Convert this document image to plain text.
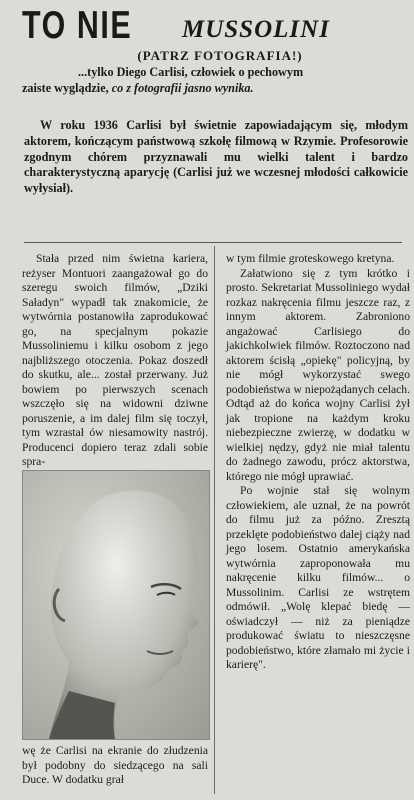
TO NIE MUSSOLINI
(PATRZ FOTOGRAFIA!)
...tylko Diego Carlisi, człowiek o pechowym
zaiste wyglądzie, co z fotografii jasno wynika.
W roku 1936 Carlisi był świetnie zapowiadającym się, młodym aktorem, kończącym państwową szkołę filmową w Rzymie. Profesorowie zgodnym chórem przyznawali mu wielki talent i bardzo charakterystyczną aparycję (Carlisi już we wczesnej młodości całkowicie wyłysiał).

Stała przed nim świetna kariera, reżyser Montuori zaangażował go do szeregu swoich filmów, „Dziki Saładyn" wypadł tak znakomicie, że wytwórnia postanowiła zaprodukować go, na specjalnym pokazie Mussoliniemu i kilku osobom z jego najbliższego otoczenia. Pokaz doszedł do skutku, ale... został przerwany. Już bowiem po pierwszych scenach wszczęło się na widowni dziwne poruszenie, a im dalej film się toczył, tym wzrastał ów niesamowity nastrój. Producenci dopiero teraz zdali sobie spra-

wę że Carlisi na ekranie do złudzenia był podobny do siedzącego na sali Duce. W dodatku grał

w tym filmie groteskowego kretyna.

Załatwiono się z tym krótko i prosto. Sekretariat Mussoliniego wydał rozkaz nakręcenia filmu jeszcze raz, z innym aktorem. Zabroniono angażować Carlisiego do jakichkolwiek filmów. Roztoczono nad aktorem ścisłą „opiekę" policyjną, by nie mógł wykorzystać swego podobieństwa w niepożądanych celach. Odtąd aż do końca wojny Carlisi żył jak tropione na każdym kroku niebezpieczne zwierzę, w dodatku w wielkiej nędzy, gdyż nie miał talentu do żadnego zawodu, prócz aktorstwa, którego nie mógł uprawiać.

Po wojnie stał się wolnym człowiekiem, ale uznał, że na powrót do filmu już za późno. Zresztą przeklęte podobieństwo dalej ciąży nad jego losem. Ostatnio amerykańska wytwórnia zaproponowała mu nakręcenie kilku filmów... o Mussolinim. Carlisi ze wstrętem odmówił. „Wolę klepać biedę — oświadczył — niż za pieniądze produkować światu to nieszczęsne podobieństwo, które złamało mi życie i karierę".
